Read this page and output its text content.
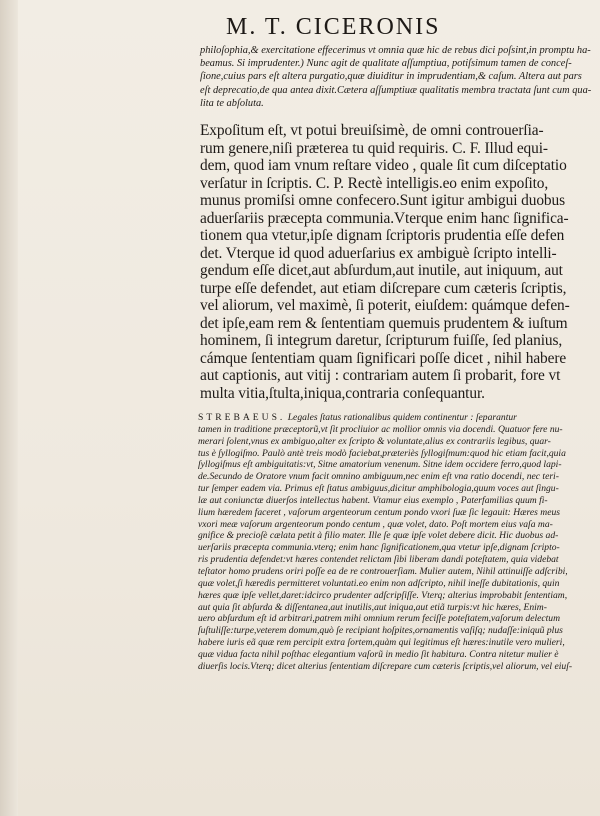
M. T. CICERONIS

philoſophia,& exercitatione effecerimus vt omnia quæ hic de rebus dici poſsint,in promptu ha-

beamus. Si imprudenter.) Nunc agit de qualitate aſſumptiua, potiſsimum tamen de conceſ-

ſione,cuius pars eſt altera purgatio,quæ diuiditur in imprudentiam,& caſum. Altera aut pars

eſt deprecatio,de qua antea dixit.Cætera aſſumptiuæ qualitatis membra tractata ſunt cum qua-

lita te abſoluta.

Expoſitum eſt, vt potui breuiſsimè, de omni controuerſia-

rum genere,niſi præterea tu quid requiris. C. F. Illud equi-

dem, quod iam vnum reſtare video , quale ſit cum diſceptatio

verſatur in ſcriptis. C. P. Rectè intelligis.eo enim expoſito,

munus promiſsi omne confecero.Sunt igitur ambigui duobus

aduerſariis præcepta communia.Vterque enim hanc ſignifica-

tionem qua vtetur,ipſe dignam ſcriptoris prudentia eſſe defen

det. Vterque id quod aduerſarius ex ambiguè ſcripto intelli-

gendum eſſe dicet,aut abſurdum,aut inutile, aut iniquum, aut

turpe eſſe defendet, aut etiam diſcrepare cum cæteris ſcriptis,

vel aliorum, vel maximè, ſi poterit, eiuſdem: quámque defen-

det ipſe,eam rem & ſententiam quemuis prudentem & iuſtum

hominem, ſi integrum daretur, ſcripturum fuiſſe, ſed planius,

cámque ſententiam quam ſignificari poſſe dicet , nihil habere

aut captionis, aut vitij : contrariam autem ſi probarit, fore vt

multa vitia,ſtulta,iniqua,contraria conſequantur.

STREBAEUS. Legales ſtatus rationalibus quidem continentur : ſeparantur

tamen in traditione præceptorũ,vt ſit procliuior ac mollior omnis via docendi. Quatuor fere nu-

merari ſolent,vnus ex ambiguo,alter ex ſcripto & voluntate,alius ex contrariis legibus, quar-

tus è ſyllogiſmo. Paulò antè treis modò faciebat,præteriès ſyllogiſmum:quod hic etiam facit,quia

ſyllogiſmus eſt ambiguitatis:vt, Sitne amatorium venenum. Sitne idem occidere ferro,quod lapi-

de.Secundo de Oratore vnum facit omnino ambiguum,nec enim eſt vna ratio docendi, nec teri-

tur ſemper eadem via. Primus eſt ſtatus ambiguus,dicitur amphibologia,quum voces aut ſingu-

læ aut coniunctæ diuerſos intellectus habent. Vtamur eius exemplo , Paterfamilias quum fi-

lium hæredem faceret , vaſorum argenteorum centum pondo vxori ſuæ ſic legauit: Hæres meus

vxori meæ vaſorum argenteorum pondo centum , quæ volet, dato. Poſt mortem eius vaſa ma-

gnifice & precioſè cælata petit à filio mater. Ille ſe quæ ipſe volet debere dicit. Hic duobus ad-

uerſariis præcepta communia.vterq; enim hanc ſignificationem,qua vtetur ipſe,dignam ſcripto-

ris prudentia defendet:vt hæres contendet relictam ſibi liberam dandi poteſtatem, quia videbat

teſtator homo prudens oriri poſſe ea de re controuerſiam. Mulier autem, Nihil attinuiſſe adſcribi,

quæ volet,ſi hæredis permitteret voluntati.eo enim non adſcripto, nihil ineſſe dubitationis, quin

hæres quæ ipſe vellet,daret:idcirco prudenter adſcripſiſſe. Vterq; alterius improbabit ſententiam,

aut quia ſit abſurda & diſſentanea,aut inutilis,aut iniqua,aut etiã turpis:vt hic hæres, Enim-

uero abſurdum eſt id arbitrari,patrem mihi omnium rerum feciſſe poteſtatem,vaſorum delectum

ſuſtuliſſe:turpe,veterem domum,quò ſe recipiant hoſpites,ornamentis vaſiſq; nudaſſe:iniquũ plus

habere iuris eã quæ rem percipit extra ſortem,quàm qui legitimus eſt hæres:inutile vero mulieri,

quæ vidua facta nihil poſthac elegantium vaſorũ in medio ſit habitura. Contra nitetur mulier è

diuerſis locis.Vterq; dicet alterius ſententiam diſcrepare cum cæteris ſcriptis,vel aliorum, vel eiuſ-
